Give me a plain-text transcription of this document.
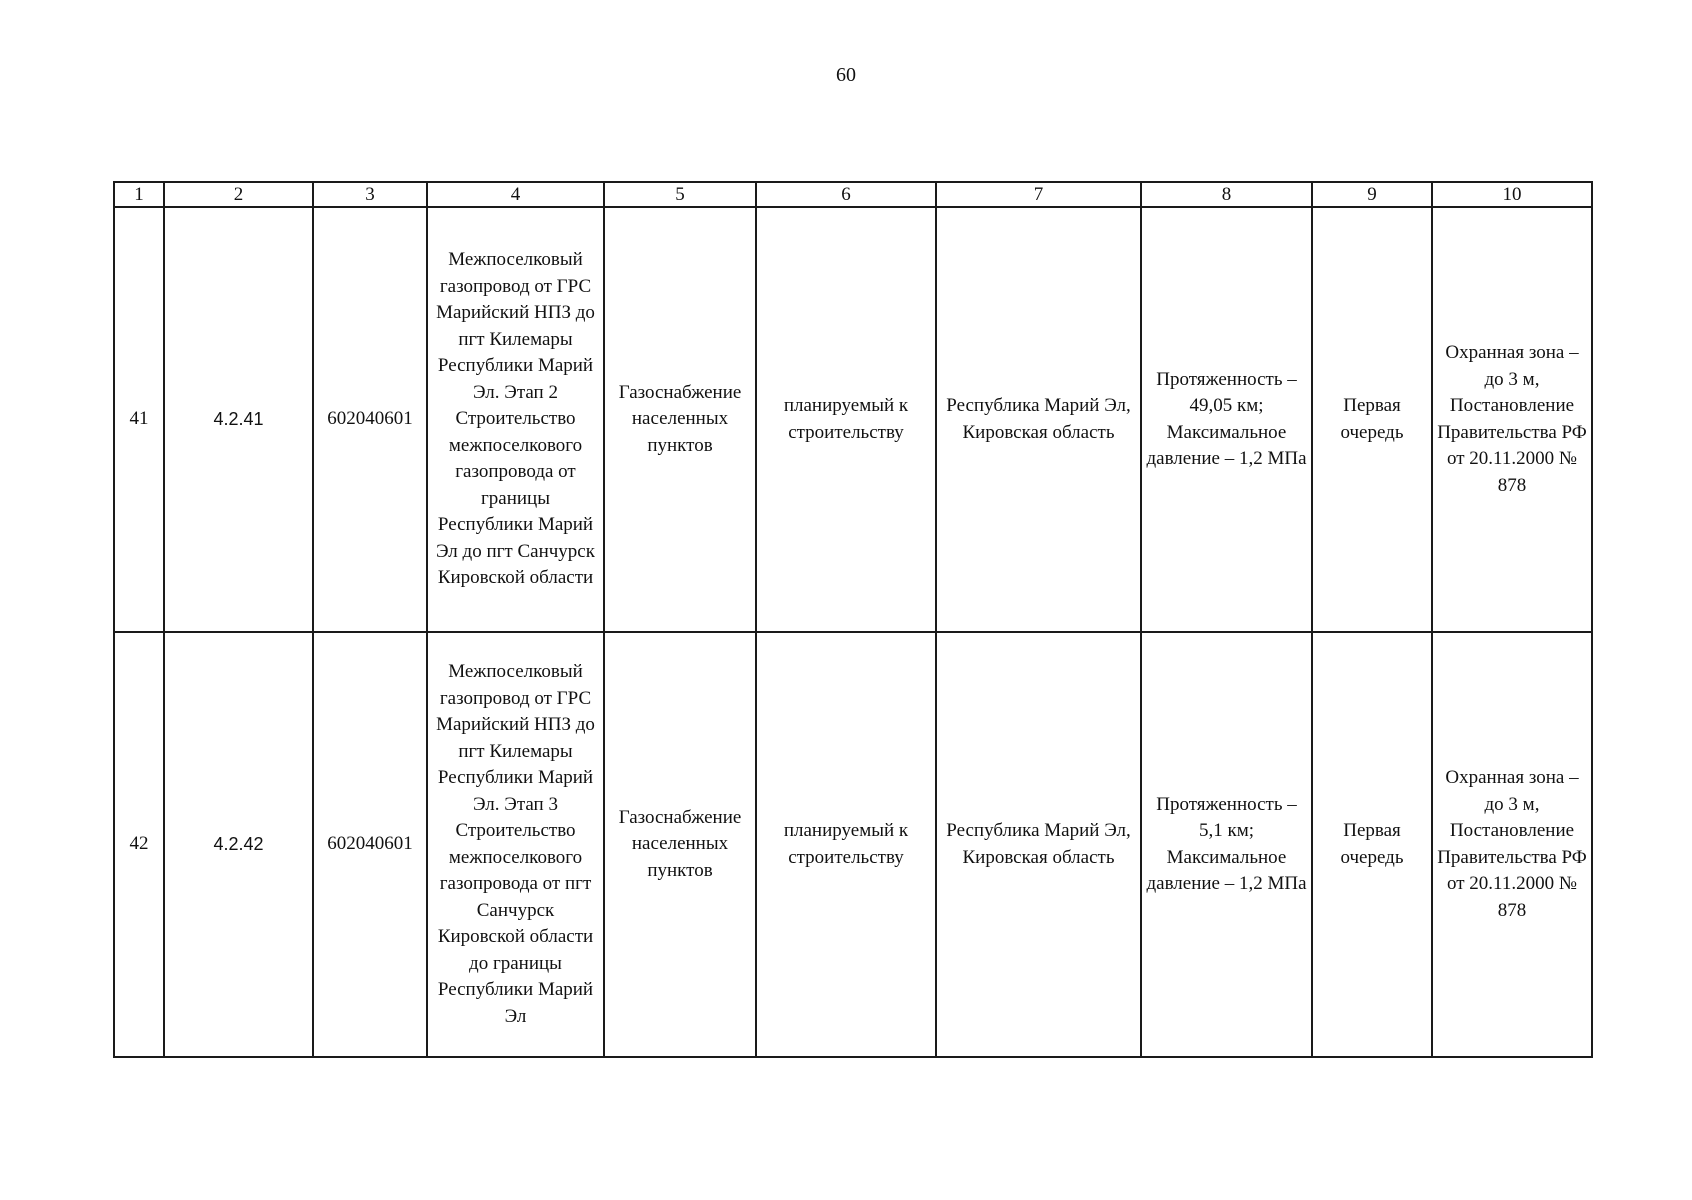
60
1	2	3	4	5	6	7	8	9	10
41	4.2.41	602040601	Межпоселковый газопровод от ГРС Марийский НПЗ до пгт Килемары Республики Марий Эл. Этап 2 Строительство межпоселкового газопровода от границы Республики Марий Эл до пгт Санчурск Кировской области	Газоснабжение населенных пунктов	планируемый к строительству	Республика Марий Эл, Кировская область	Протяженность – 49,05 км; Максимальное давление – 1,2 МПа	Первая очередь	Охранная зона – до 3 м, Постановление Правительства РФ от 20.11.2000 № 878
42	4.2.42	602040601	Межпоселковый газопровод от ГРС Марийский НПЗ до пгт Килемары Республики Марий Эл. Этап 3 Строительство межпоселкового газопровода от пгт Санчурск Кировской области до границы Республики Марий Эл	Газоснабжение населенных пунктов	планируемый к строительству	Республика Марий Эл, Кировская область	Протяженность – 5,1 км; Максимальное давление – 1,2 МПа	Первая очередь	Охранная зона – до 3 м, Постановление Правительства РФ от 20.11.2000 № 878
